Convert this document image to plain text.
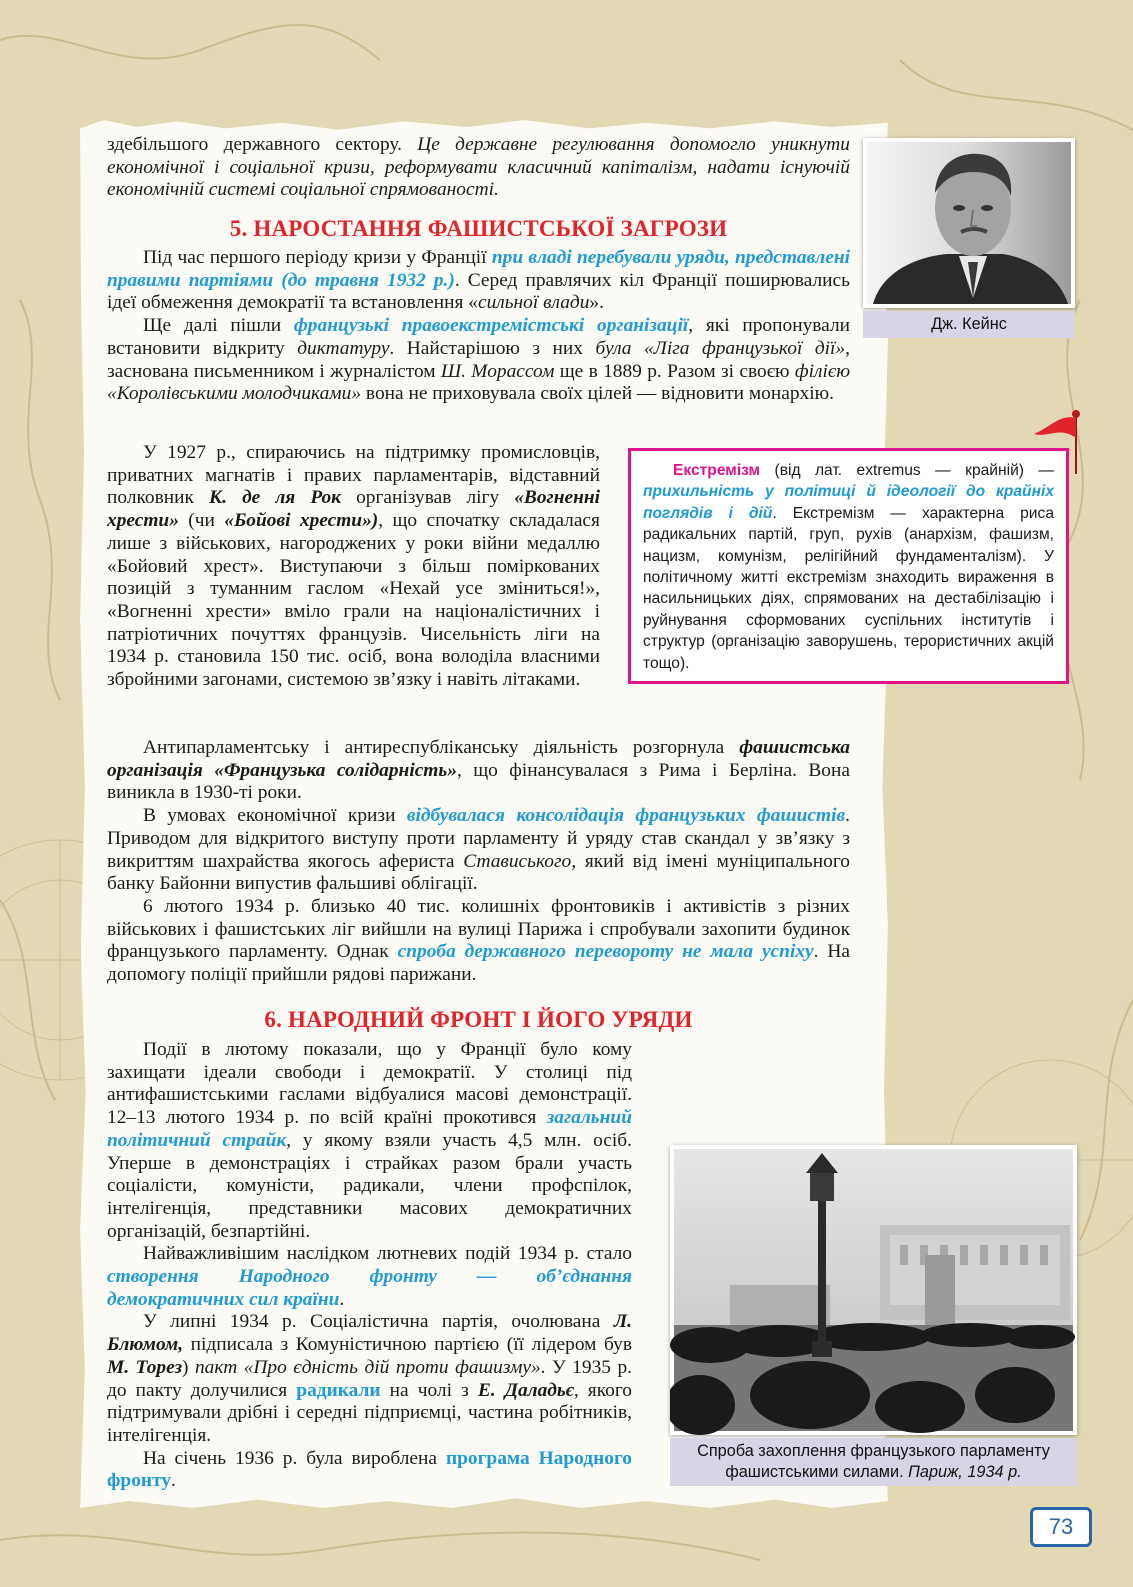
здебільшого державного сектору. Це державне регулювання допомогло уникнути економічної і соціальної кризи, реформувати класичний капіталізм, надати існуючій економічній системі соціальної спрямованості.

Дж. Кейнс
5. НАРОСТАННЯ ФАШИСТСЬКОЇ ЗАГРОЗИ

Під час першого періоду кризи у Франції при владі перебували уряди, представлені правими партіями (до травня 1932 р.). Серед правлячих кіл Франції поширювались ідеї обмеження демократії та встановлення «сильної влади».

Ще далі пішли французькі правоекстремістські організації, які пропонували встановити відкриту диктатуру. Найстарішою з них була «Ліга французької дії», заснована письменником і журналістом Ш. Морассом ще в 1889 р. Разом зі своєю філією «Королівськими молодчиками» вона не приховувала своїх цілей — відновити монархію.

Екстремізм (від лат. extremus — крайній) — прихильність у політиці й ідеології до крайніх поглядів і дій. Екстремізм — характерна риса радикальних партій, груп, рухів (анархізм, фашизм, нацизм, комунізм, релігійний фундаменталізм). У політичному житті екстремізм знаходить вираження в насильницьких діях, спрямованих на дестабілізацію і руйнування сформованих суспільних інститутів і структур (організацію заворушень, терористичних акцій тощо).

У 1927 р., спираючись на підтримку промисловців, приватних магнатів і правих парламентарів, відставний полковник К. де ля Рок організував лігу «Вогненні хрести» (чи «Бойові хрести»), що спочатку складалася лише з військових, нагороджених у роки війни медаллю «Бойовий хрест». Виступаючи з більш поміркованих позицій з туманним гаслом «Нехай усе зміниться!», «Вогненні хрести» вміло грали на націоналістичних і патріотичних почуттях французів. Чисельність ліги на 1934 р. становила 150 тис. осіб, вона володіла власними збройними загонами, системою зв’язку і навіть літаками.

Антипарламентську і антиреспубліканську діяльність розгорнула фашистська організація «Французька солідарність», що фінансувалася з Рима і Берліна. Вона виникла в 1930-ті роки.

В умовах економічної кризи відбувалася консолідація французьких фашистів. Приводом для відкритого виступу проти парламенту й уряду став скандал у зв’язку з викриттям шахрайства якогось афериста Стависького, який від імені муніципального банку Байонни випустив фальшиві облігації.

6 лютого 1934 р. близько 40 тис. колишніх фронтовиків і активістів з різних військових і фашистських ліг вийшли на вулиці Парижа і спробували захопити будинок французького парламенту. Однак спроба державного перевороту не мала успіху. На допомогу поліції прийшли рядові парижани.

6. НАРОДНИЙ ФРОНТ І ЙОГО УРЯДИ

Події в лютому показали, що у Франції було кому захищати ідеали свободи і демократії. У столиці під антифашистськими гаслами відбуалися масові демонстрації. 12–13 лютого 1934 р. по всій країні прокотився загальний політичний страйк, у якому взяли участь 4,5 млн. осіб. Уперше в демонстраціях і страйках разом брали участь соціалісти, комуністи, радикали, члени профспілок, інтелігенція, представники масових демократичних організацій, безпартійні.

Найважливішим наслідком лютневих подій 1934 р. стало створення Народного фронту — об’єднання демократичних сил країни.

У липні 1934 р. Соціалістична партія, очолювана Л. Блюмом, підписала з Комуністичною партією (її лідером був М. Торез) пакт «Про єдність дій проти фашизму». У 1935 р. до пакту долучилися радикали на чолі з Е. Даладьє, якого підтримували дрібні і середні підприємці, частина робітників, інтелігенція.

На січень 1936 р. була вироблена програма Народного фронту.

Спроба захоплення французького парламенту фашистськими силами. Париж, 1934 р.
73
